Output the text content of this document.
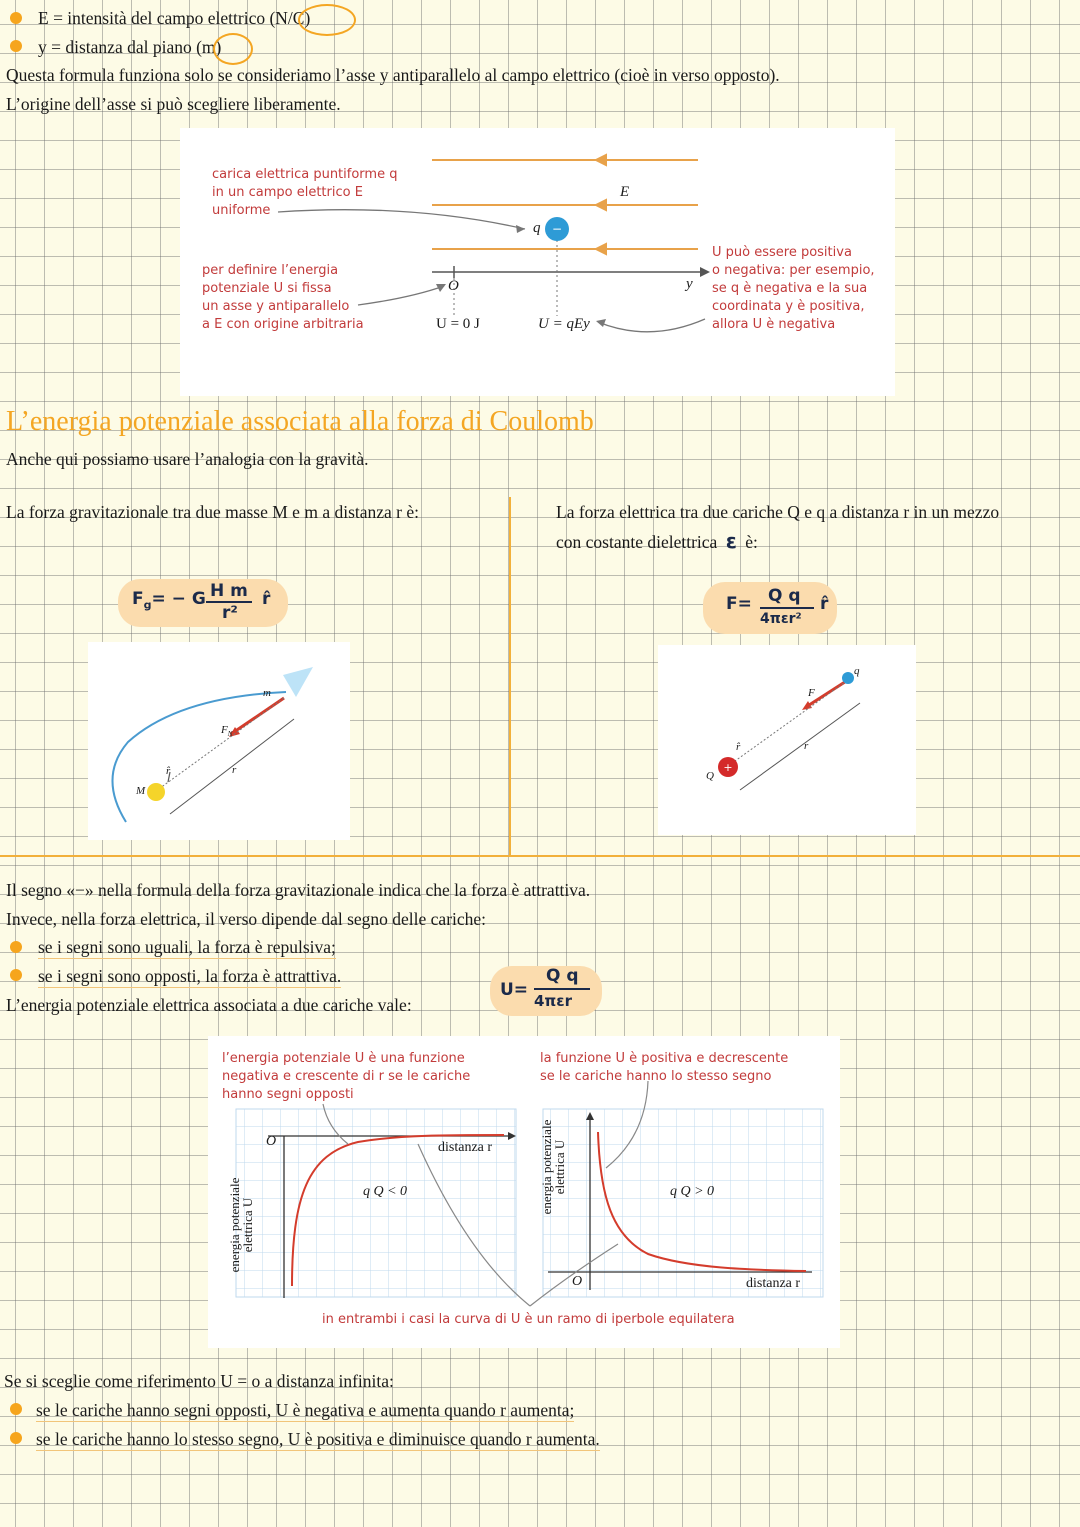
E = intensità del campo elettrico (N/C)
y = distanza dal piano (m)
Questa formula funziona solo se consideriamo l’asse y antiparallelo al campo elettrico (cioè in verso opposto).
L’origine dell’asse si può scegliere liberamente.
−
carica elettrica puntiforme q
in un campo elettrico E
uniforme
per definire l’energia
potenziale U si fissa
un asse y antiparallelo
a E con origine arbitraria
U può essere positiva
o negativa: per esempio,
se q è negativa e la sua
coordinata y è positiva,
allora U è negativa
E
q
O	y
U = 0 J	U = qEy
L’energia potenziale associata alla forza di Coulomb
Anche qui possiamo usare l’analogia con la gravità.
La forza gravitazionale tra due masse M e m a distanza r è:	La forza elettrica tra due cariche Q e q a distanza r in un mezzo
con costante dielettrica ε è:
$F_g= - G$ H m
r²
r̂	F= Q q
4πεr²
r̂
m
M
$F_N$
r̂	r	+
q
Q
F
r̂	r
Il segno «−» nella formula della forza gravitazionale indica che la forza è attrattiva.
Invece, nella forza elettrica, il verso dipende dal segno delle cariche:
se i segni sono uguali, la forza è repulsiva;
se i segni sono opposti, la forza è attrattiva.
L’energia potenziale elettrica associata a due cariche vale:
U=
Q q
4πεr
l’energia potenziale U è una funzione
negativa e crescente di r se le cariche
hanno segni opposti
la funzione U è positiva e decrescente
se le cariche hanno lo stesso segno
energia potenziale
elettrica U
energia potenziale
elettrica U
O
O
distanza r
distanza r
q Q < 0	q Q > 0
in entrambi i casi la curva di U è un ramo di iperbole equilatera
Se si sceglie come riferimento U = o a distanza infinita:
se le cariche hanno segni opposti, U è negativa e aumenta quando r aumenta;
se le cariche hanno lo stesso segno, U è positiva e diminuisce quando r aumenta.
